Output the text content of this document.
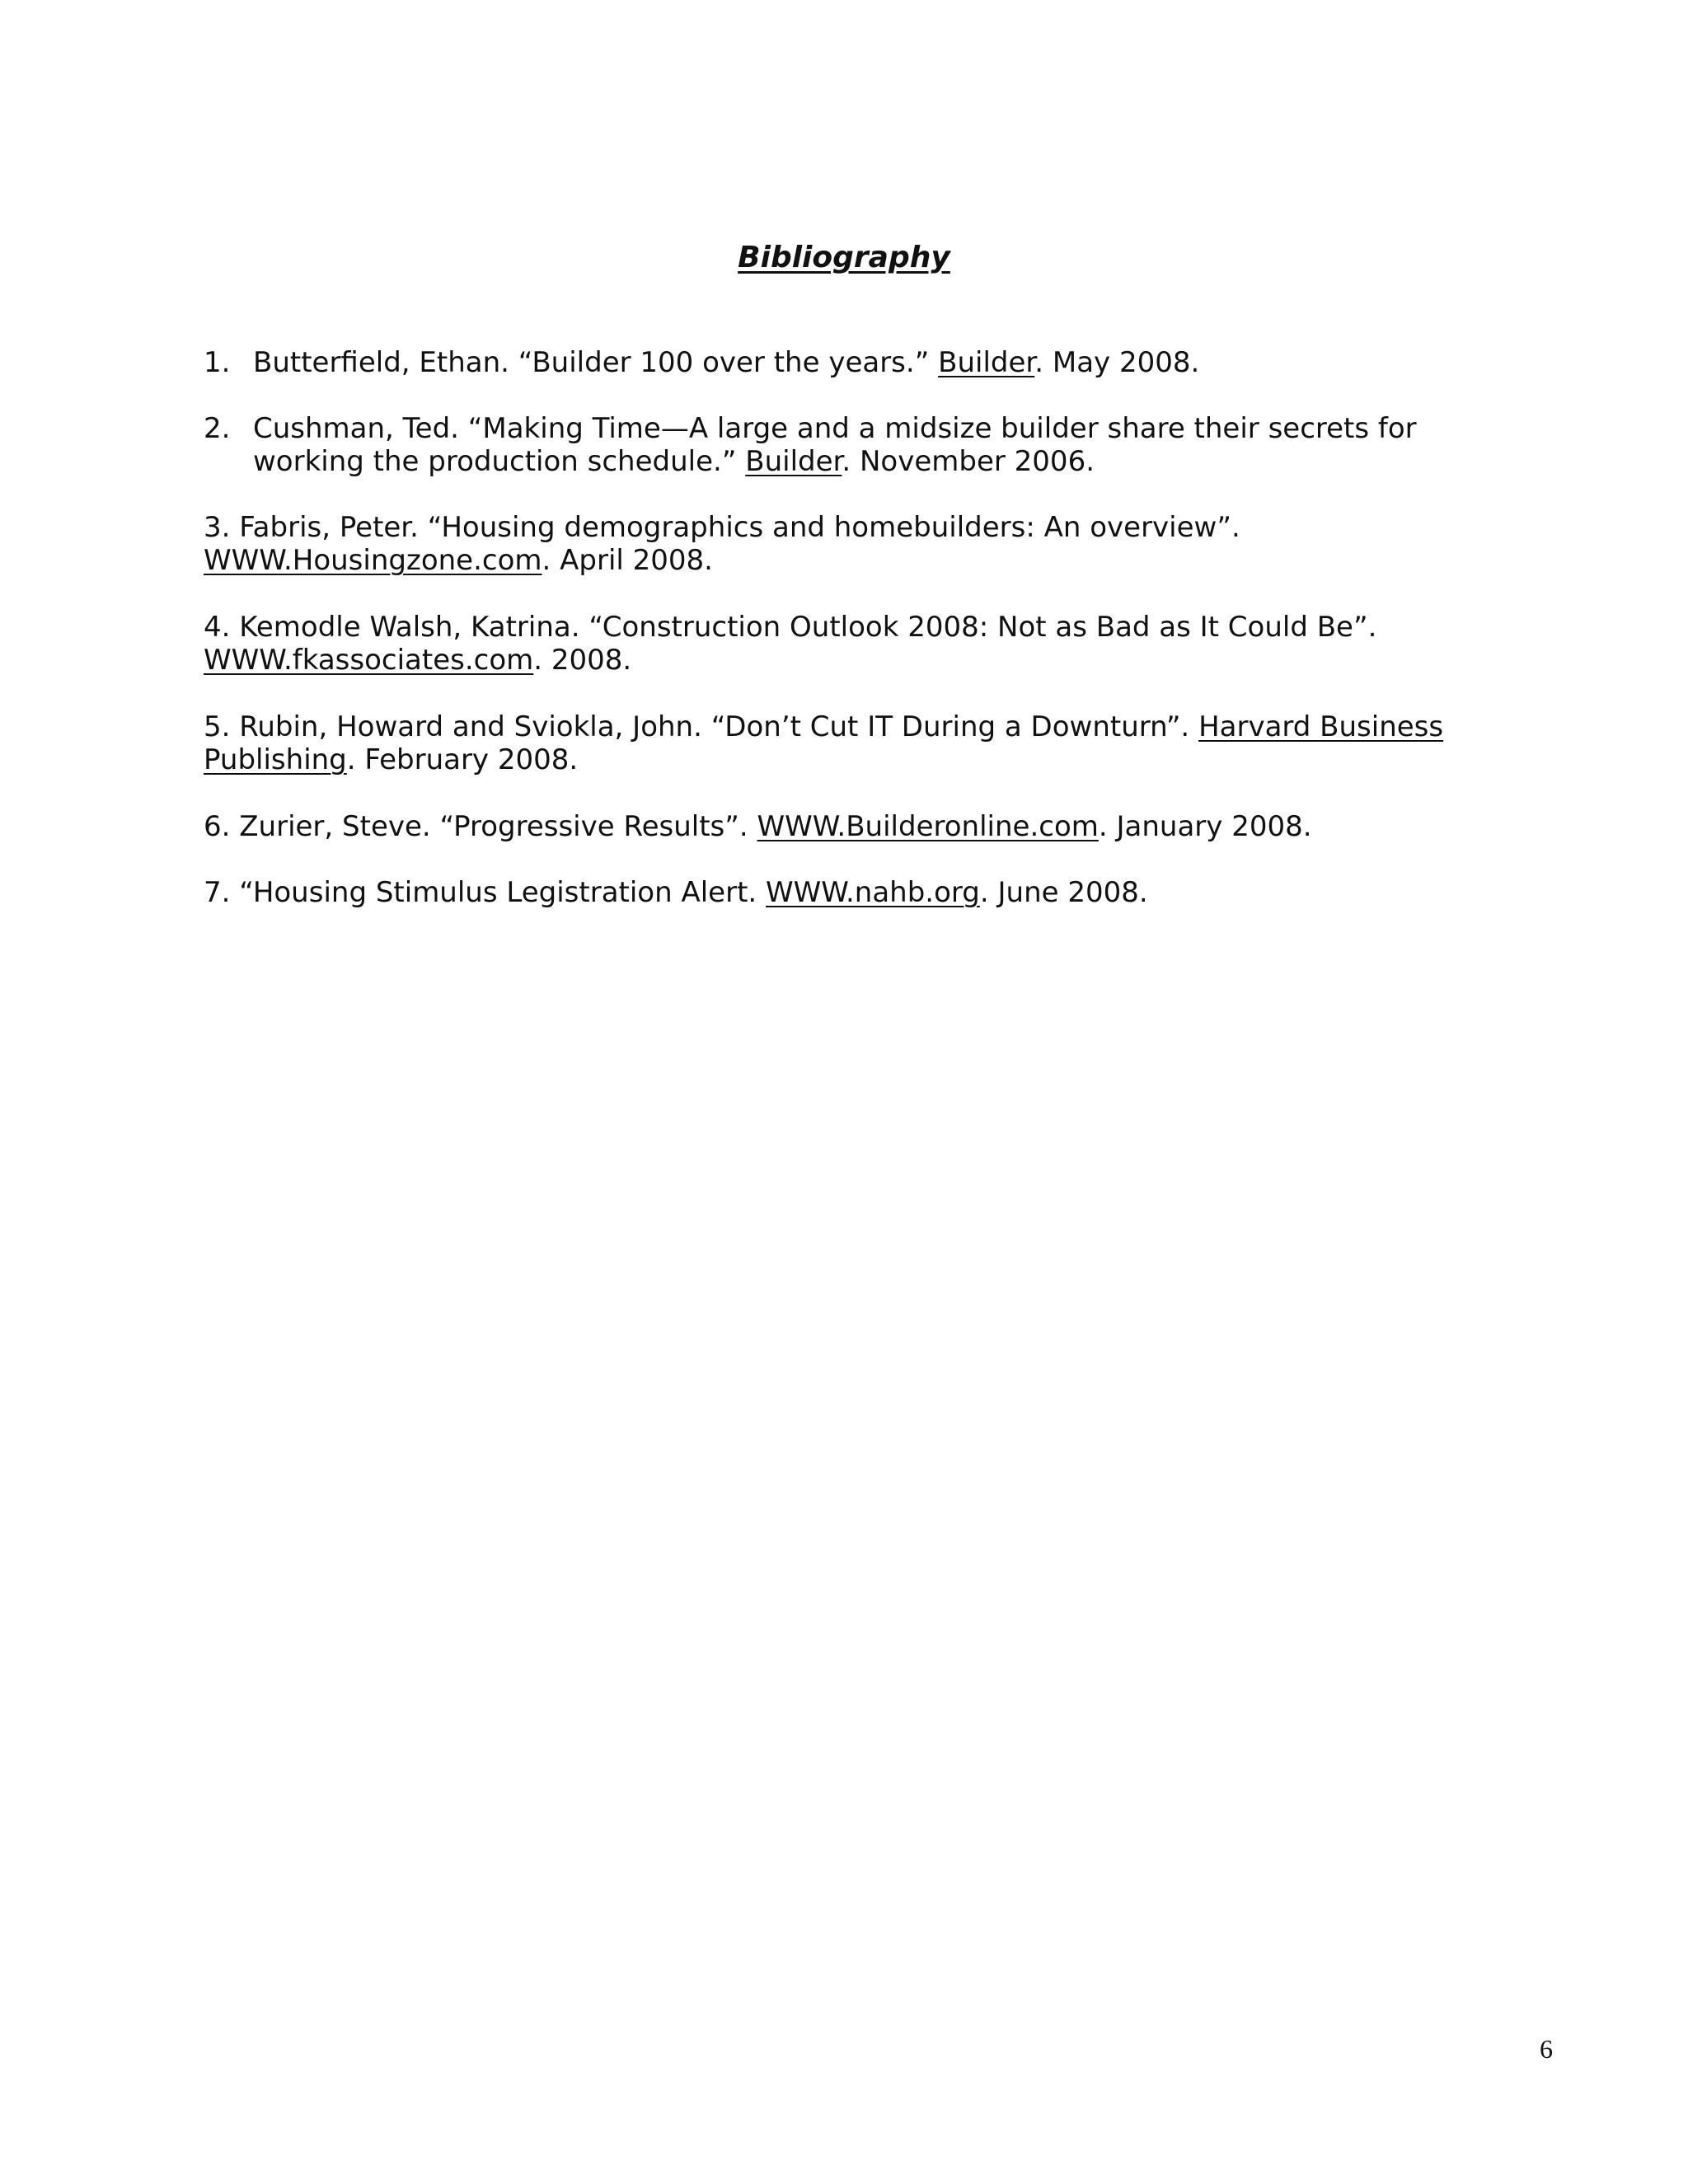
Bibliography
1. Butterfield, Ethan. “Builder 100 over the years.” Builder. May 2008.
2. Cushman, Ted. “Making Time—A large and a midsize builder share their secrets for
working the production schedule.” Builder. November 2006.
3. Fabris, Peter. “Housing demographics and homebuilders: An overview”.
WWW.Housingzone.com. April 2008.
4. Kemodle Walsh, Katrina. “Construction Outlook 2008: Not as Bad as It Could Be”.
WWW.fkassociates.com. 2008.
5. Rubin, Howard and Sviokla, John. “Don’t Cut IT During a Downturn”. Harvard Business
Publishing. February 2008.
6. Zurier, Steve. “Progressive Results”. WWW.Builderonline.com. January 2008.
7. “Housing Stimulus Legistration Alert. WWW.nahb.org. June 2008.
6
